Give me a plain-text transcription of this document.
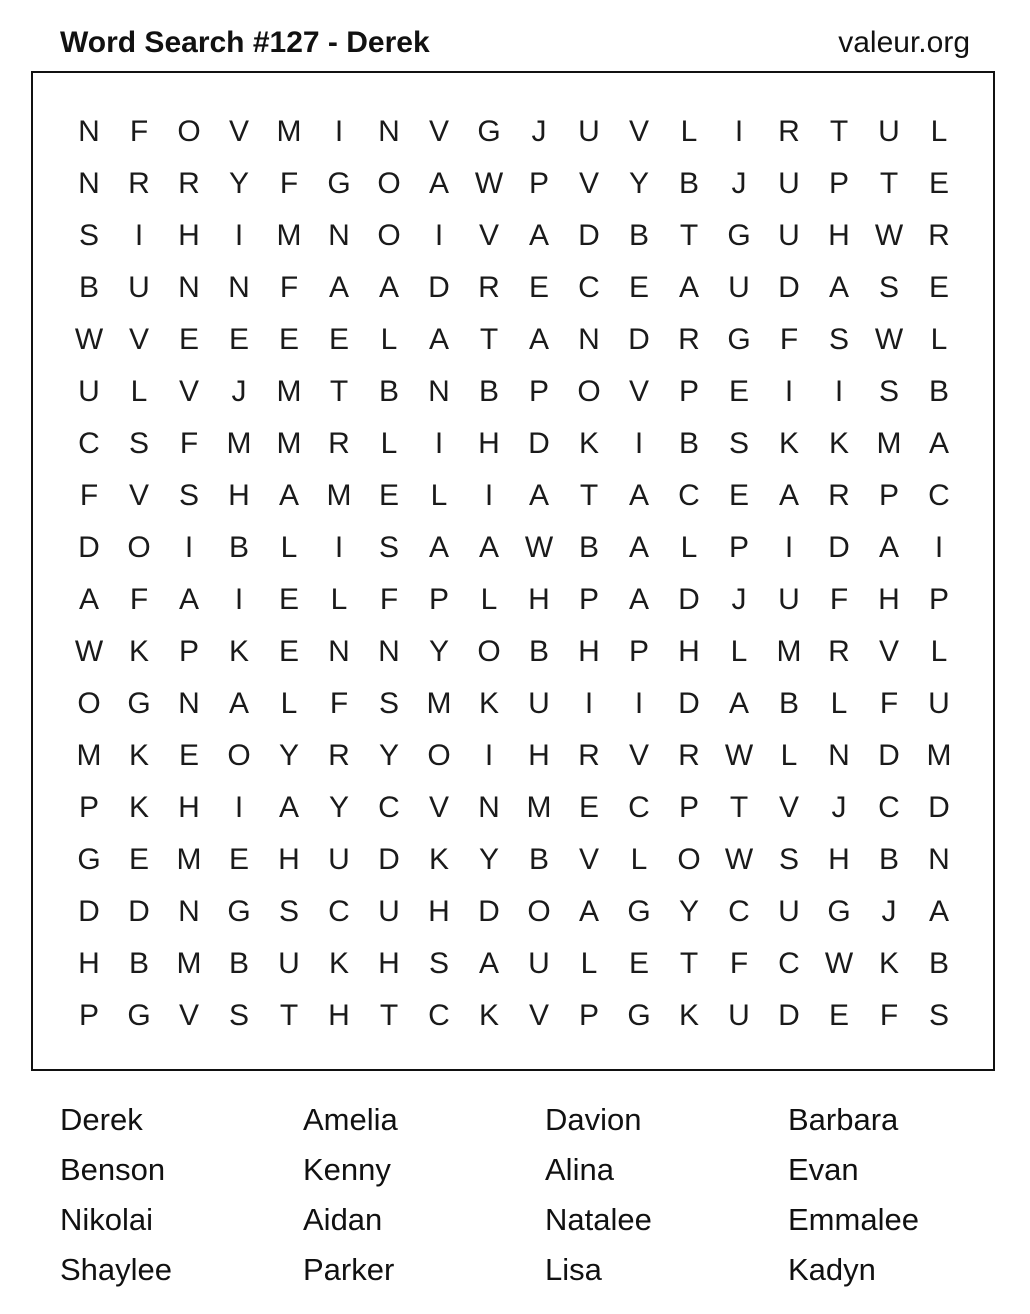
Word Search #127 - Derek	valeur.org
N	F O V M	I	N V G	J	U V	L	I	R	T	U	L
N R R Y	F G O A W P V Y B	J	U P	T	E
S	I	H	I	M N O	I	V A D B	T G U H W R
B U N N	F	A A D R E C E A U D A S E
W V E E E E	L	A	T	A N D R G F	S W L
U	L	V	J	M T	B N B P O V P E	I	I	S B
C S	F M M R	L	I	H D K	I	B S K K M A
F	V S H A M E	L	I	A	T	A C E A R P C
D O	I	B	L	I	S A A W B A	L	P	I	D A	I
A	F	A	I	E	L	F	P	L	H P A D	J	U	F	H P
W K P K E N N Y O B H P H	L M R V	L
O G N A	L	F	S M K U	I	I	D A B	L	F	U
M K E O Y R Y O	I	H R V R W L	N D M
P K H	I	A Y C V N M E C P	T	V	J	C D
G E M E H U D K Y B V	L O W S H B N
D D N G S C U H D O A G Y C U G	J	A
H B M B U K H S A U	L	E	T	F	C W K B
P G V S	T	H	T	C K V P G K U D E	F	S
Derek	Amelia	Davion	Barbara
Benson	Kenny	Alina	Evan
Nikolai	Aidan	Natalee	Emmalee
Shaylee	Parker	Lisa	Kadyn
